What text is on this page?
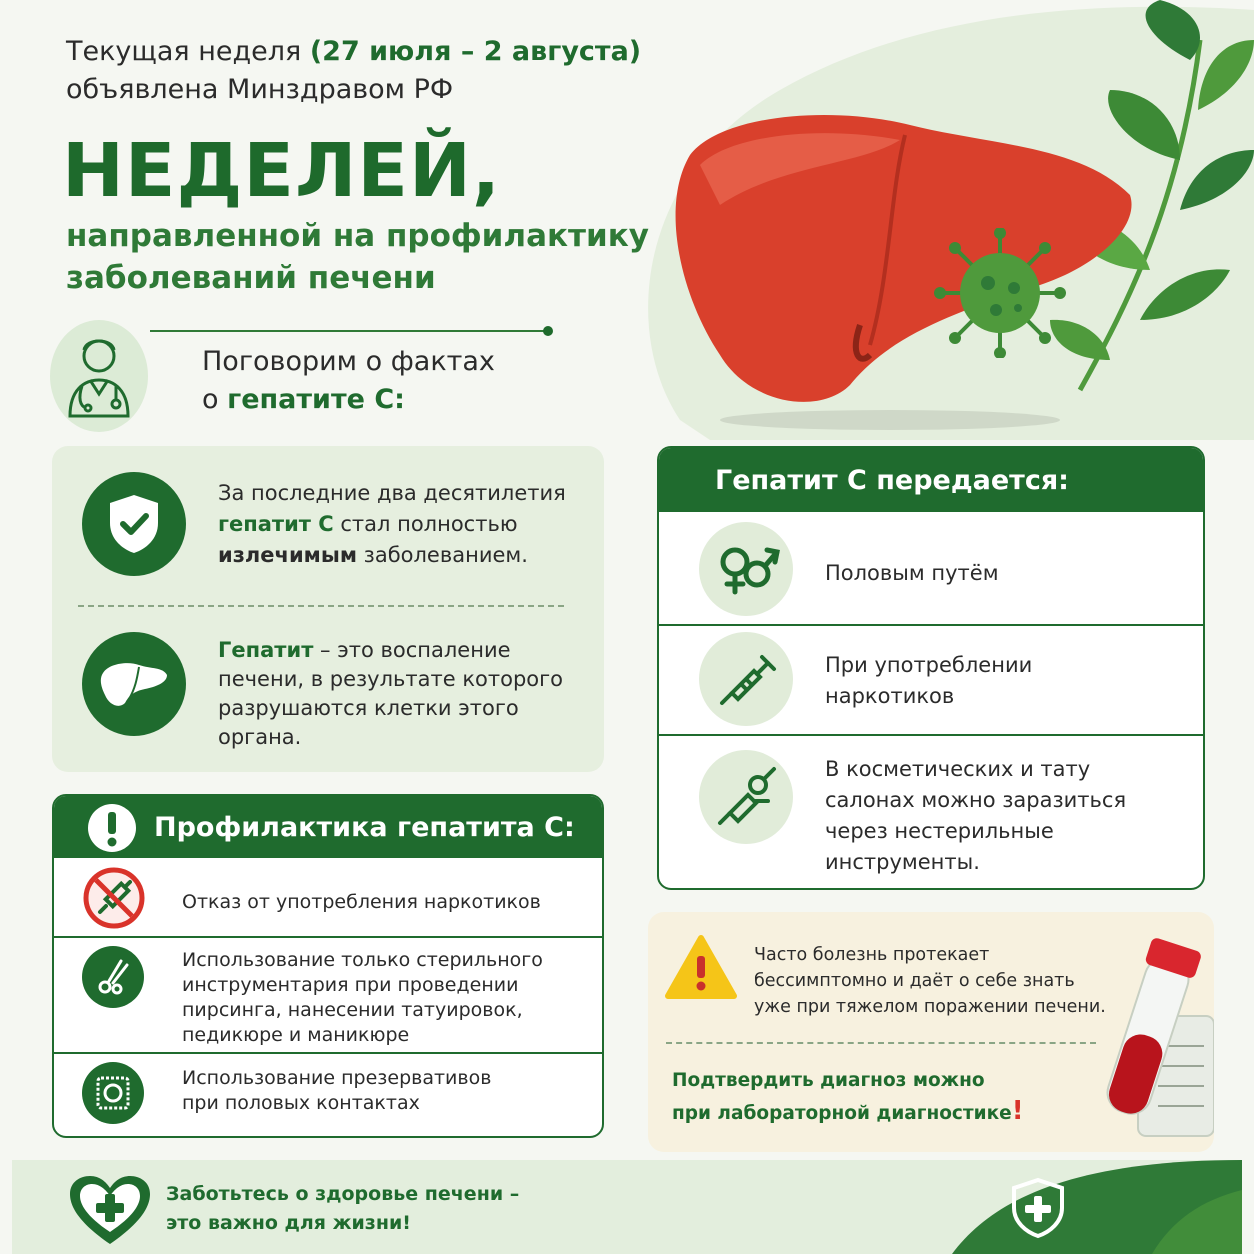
Текущая неделя (27 июля – 2 августа)
объявлена Минздравом РФ
НЕДЕЛЕЙ,
направленной на профилактику
заболеваний печени
Поговорим о фактах
о гепатите С:
За последние два десятилетия
гепатит С стал полностью
излечимым заболеванием.
Гепатит – это воспаление
печени, в результате которого
разрушаются клетки этого
органа.
Профилактика гепатита С:
Отказ от употребления наркотиков
Использование только стерильного
инструментария при проведении
пирсинга, нанесении татуировок,
педикюре и маникюре
Использование презервативов
при половых контактах
Гепатит С передается:
Половым путём
При употреблении
наркотиков
В косметических и тату
салонах можно заразиться
через нестерильные
инструменты.
Часто болезнь протекает
бессимптомно и даёт о себе знать
уже при тяжелом поражении печени.
Подтвердить диагноз можно
при лабораторной диагностике!
Заботьтесь о здоровье печени –
это важно для жизни!
